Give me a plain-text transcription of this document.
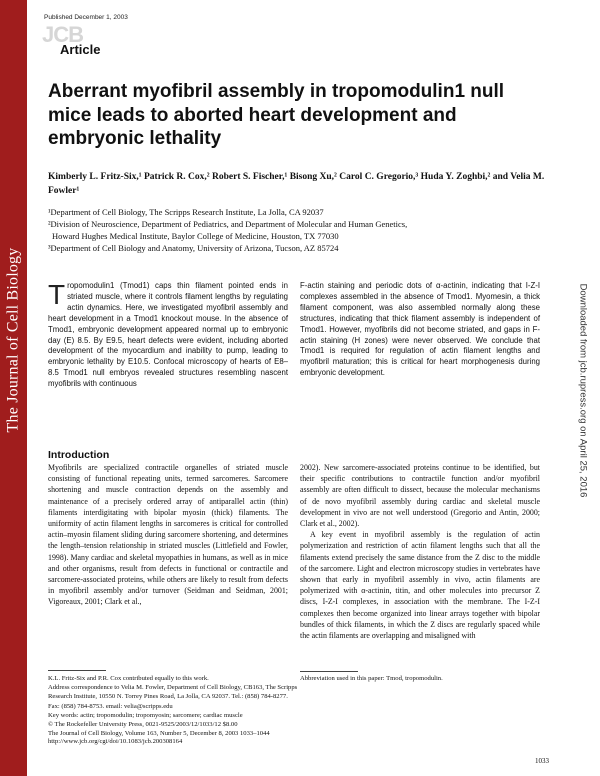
The Journal of Cell Biology
Published December 1, 2003
JCB
Article
Aberrant myofibril assembly in tropomodulin1 null mice leads to aborted heart development and embryonic lethality
Kimberly L. Fritz-Six,¹ Patrick R. Cox,² Robert S. Fischer,¹ Bisong Xu,² Carol C. Gregorio,³ Huda Y. Zoghbi,² and Velia M. Fowler¹
¹Department of Cell Biology, The Scripps Research Institute, La Jolla, CA 92037
²Division of Neuroscience, Department of Pediatrics, and Department of Molecular and Human Genetics,
Howard Hughes Medical Institute, Baylor College of Medicine, Houston, TX 77030
³Department of Cell Biology and Anatomy, University of Arizona, Tucson, AZ 85724
Tropomodulin1 (Tmod1) caps thin filament pointed ends in striated muscle, where it controls filament lengths by regulating actin dynamics. Here, we investigated myofibril assembly and heart development in a Tmod1 knockout mouse. In the absence of Tmod1, embryonic development appeared normal up to embryonic day (E) 8.5. By E9.5, heart defects were evident, including aborted development of the myocardium and inability to pump, leading to embryonic lethality by E10.5. Confocal microscopy of hearts of E8–8.5 Tmod1 null embryos revealed structures resembling nascent myofibrils with continuous
F-actin staining and periodic dots of α-actinin, indicating that I-Z-I complexes assembled in the absence of Tmod1. Myomesin, a thick filament component, was also assembled normally along these structures, indicating that thick filament assembly is independent of Tmod1. However, myofibrils did not become striated, and gaps in F-actin staining (H zones) were never observed. We conclude that Tmod1 is required for regulation of actin filament lengths and myofibril maturation; this is critical for heart morphogenesis during embryonic development.
Introduction

Myofibrils are specialized contractile organelles of striated muscle consisting of functional repeating units, termed sarcomeres. Sarcomere shortening and muscle contraction depends on the assembly and maintenance of a precisely ordered array of antiparallel actin (thin) filaments interdigitating with bipolar myosin (thick) filaments. The uniformity of actin filament lengths in sarcomeres is critical for controlled actin–myosin filament sliding during sarcomere shortening, and determines the length–tension relationship in striated muscles (Littlefield and Fowler, 1998). Many cardiac and skeletal myopathies in humans, as well as in mice and other organisms, result from defects in functional or contractile and sarcomere-associated proteins, while others are likely to result from defects in myofibril assembly and/or turnover (Seidman and Seidman, 2001; Vigoreaux, 2001; Clark et al.,

2002). New sarcomere-associated proteins continue to be identified, but their specific contributions to contractile function and/or myofibril assembly are often difficult to dissect, because the molecular mechanisms of de novo myofibril assembly during cardiac and skeletal muscle development in vivo are not well understood (Gregorio and Antin, 2000; Clark et al., 2002).

A key event in myofibril assembly is the regulation of actin polymerization and restriction of actin filament lengths such that all the filaments extend precisely the same distance from the Z disc to the middle of the sarcomere. Light and electron microscopy studies in vertebrates have shown that early in myofibril assembly in vivo, actin filaments are polymerized with α-actinin, titin, and other molecules into precursor Z discs, I-Z-I complexes, in association with the membrane. The I-Z-I complexes then become organized into linear arrays together with bipolar bundles of thick filaments, in which the Z discs are regularly spaced while the actin filaments are overlapping and misaligned with

K.L. Fritz-Six and P.R. Cox contributed equally to this work.
Address correspondence to Velia M. Fowler, Department of Cell Biology, CB163, The Scripps Research Institute, 10550 N. Torrey Pines Road, La Jolla, CA 92037. Tel.: (858) 784-8277. Fax: (858) 784-8753. email: velia@scripps.edu
Key words: actin; tropomodulin; tropomyosin; sarcomere; cardiac muscle
Abbreviation used in this paper: Tmod, tropomodulin.
© The Rockefeller University Press, 0021-9525/2003/12/1033/12 $8.00
The Journal of Cell Biology, Volume 163, Number 5, December 8, 2003 1033–1044
http://www.jcb.org/cgi/doi/10.1083/jcb.200308164
1033
Downloaded from jcb.rupress.org on April 25, 2016
